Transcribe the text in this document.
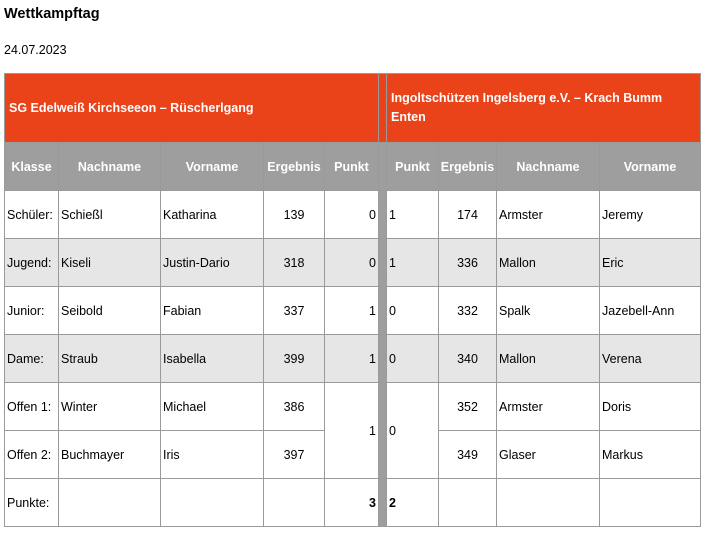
Wettkampftag
24.07.2023
SG Edelweiß Kirchseeon – Rüscherlgang						Ingoltschützen Ingelsberg e.V. – Krach Bumm Enten			
Klasse	Nachname	Vorname	Ergebnis	Punkt		Punkt	Ergebnis	Nachname	Vorname
Schüler:	Schießl	Katharina	139	0		1	174	Armster	Jeremy
Jugend:	Kiseli	Justin-Dario	318	0		1	336	Mallon	Eric
Junior:	Seibold	Fabian	337	1		0	332	Spalk	Jazebell-Ann
Dame:	Straub	Isabella	399	1		0	340	Mallon	Verena
Offen 1:	Winter	Michael	386	1		0	352	Armster	Doris
Offen 2:	Buchmayer	Iris	397				349	Glaser	Markus
Punkte:				3		2			
